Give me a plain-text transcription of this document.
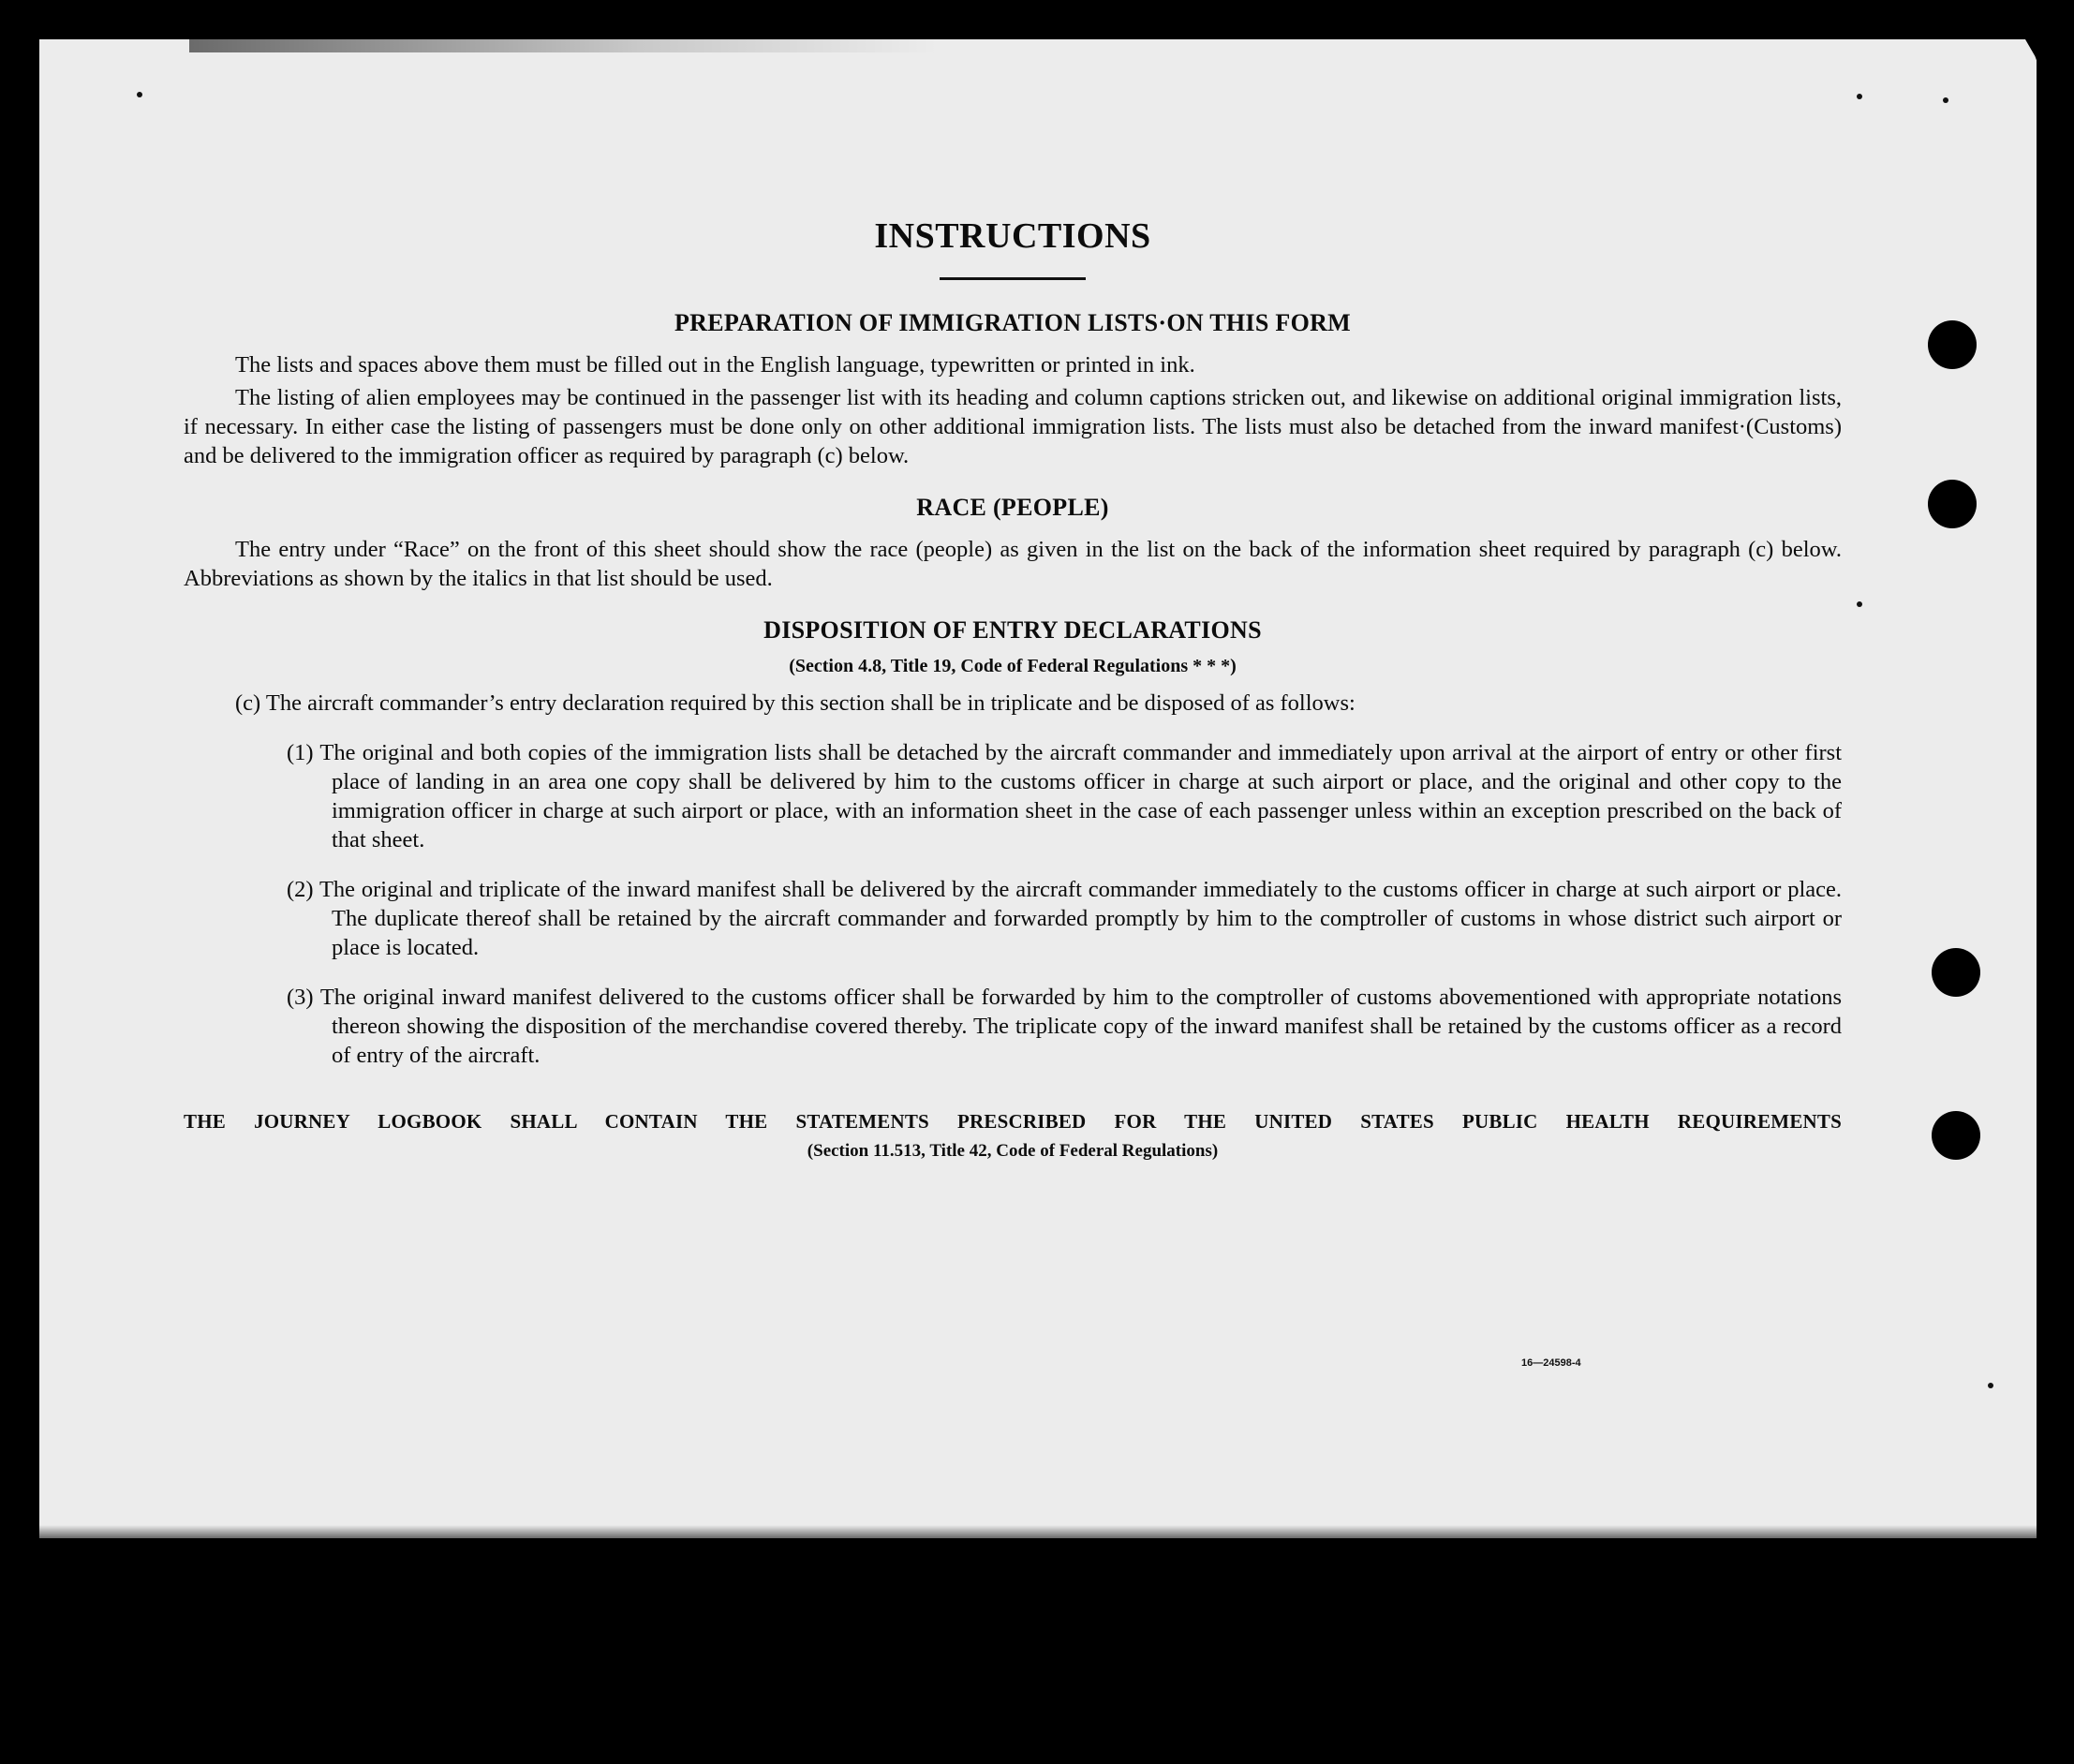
16—24598-4
INSTRUCTIONS
PREPARATION OF IMMIGRATION LISTS·ON THIS FORM

The lists and spaces above them must be filled out in the English language, typewritten or printed in ink.

The listing of alien employees may be continued in the passenger list with its heading and column captions stricken out, and likewise on additional original immigration lists, if necessary. In either case the listing of passengers must be done only on other additional immigration lists. The lists must also be detached from the inward manifest·(Customs) and be delivered to the immigration officer as required by paragraph (c) below.

RACE (PEOPLE)

The entry under “Race” on the front of this sheet should show the race (people) as given in the list on the back of the information sheet required by paragraph (c) below. Abbreviations as shown by the italics in that list should be used.

DISPOSITION OF ENTRY DECLARATIONS
(Section 4.8, Title 19, Code of Federal Regulations * * *)

(c) The aircraft commander’s entry declaration required by this section shall be in triplicate and be disposed of as follows:

(1) The original and both copies of the immigration lists shall be detached by the aircraft commander and immediately upon arrival at the airport of entry or other first place of landing in an area one copy shall be delivered by him to the customs officer in charge at such airport or place, and the original and other copy to the immigration officer in charge at such airport or place, with an information sheet in the case of each passenger unless within an exception prescribed on the back of that sheet.

(2) The original and triplicate of the inward manifest shall be delivered by the aircraft commander immediately to the customs officer in charge at such airport or place. The duplicate thereof shall be retained by the aircraft commander and forwarded promptly by him to the comptroller of customs in whose district such airport or place is located.

(3) The original inward manifest delivered to the customs officer shall be forwarded by him to the comptroller of customs abovementioned with appropriate notations thereon showing the disposition of the merchandise covered thereby. The triplicate copy of the inward manifest shall be retained by the customs officer as a record of entry of the aircraft.

THE JOURNEY LOGBOOK SHALL CONTAIN THE STATEMENTS PRESCRIBED FOR THE UNITED STATES PUBLIC HEALTH REQUIREMENTS

(Section 11.513, Title 42, Code of Federal Regulations)
